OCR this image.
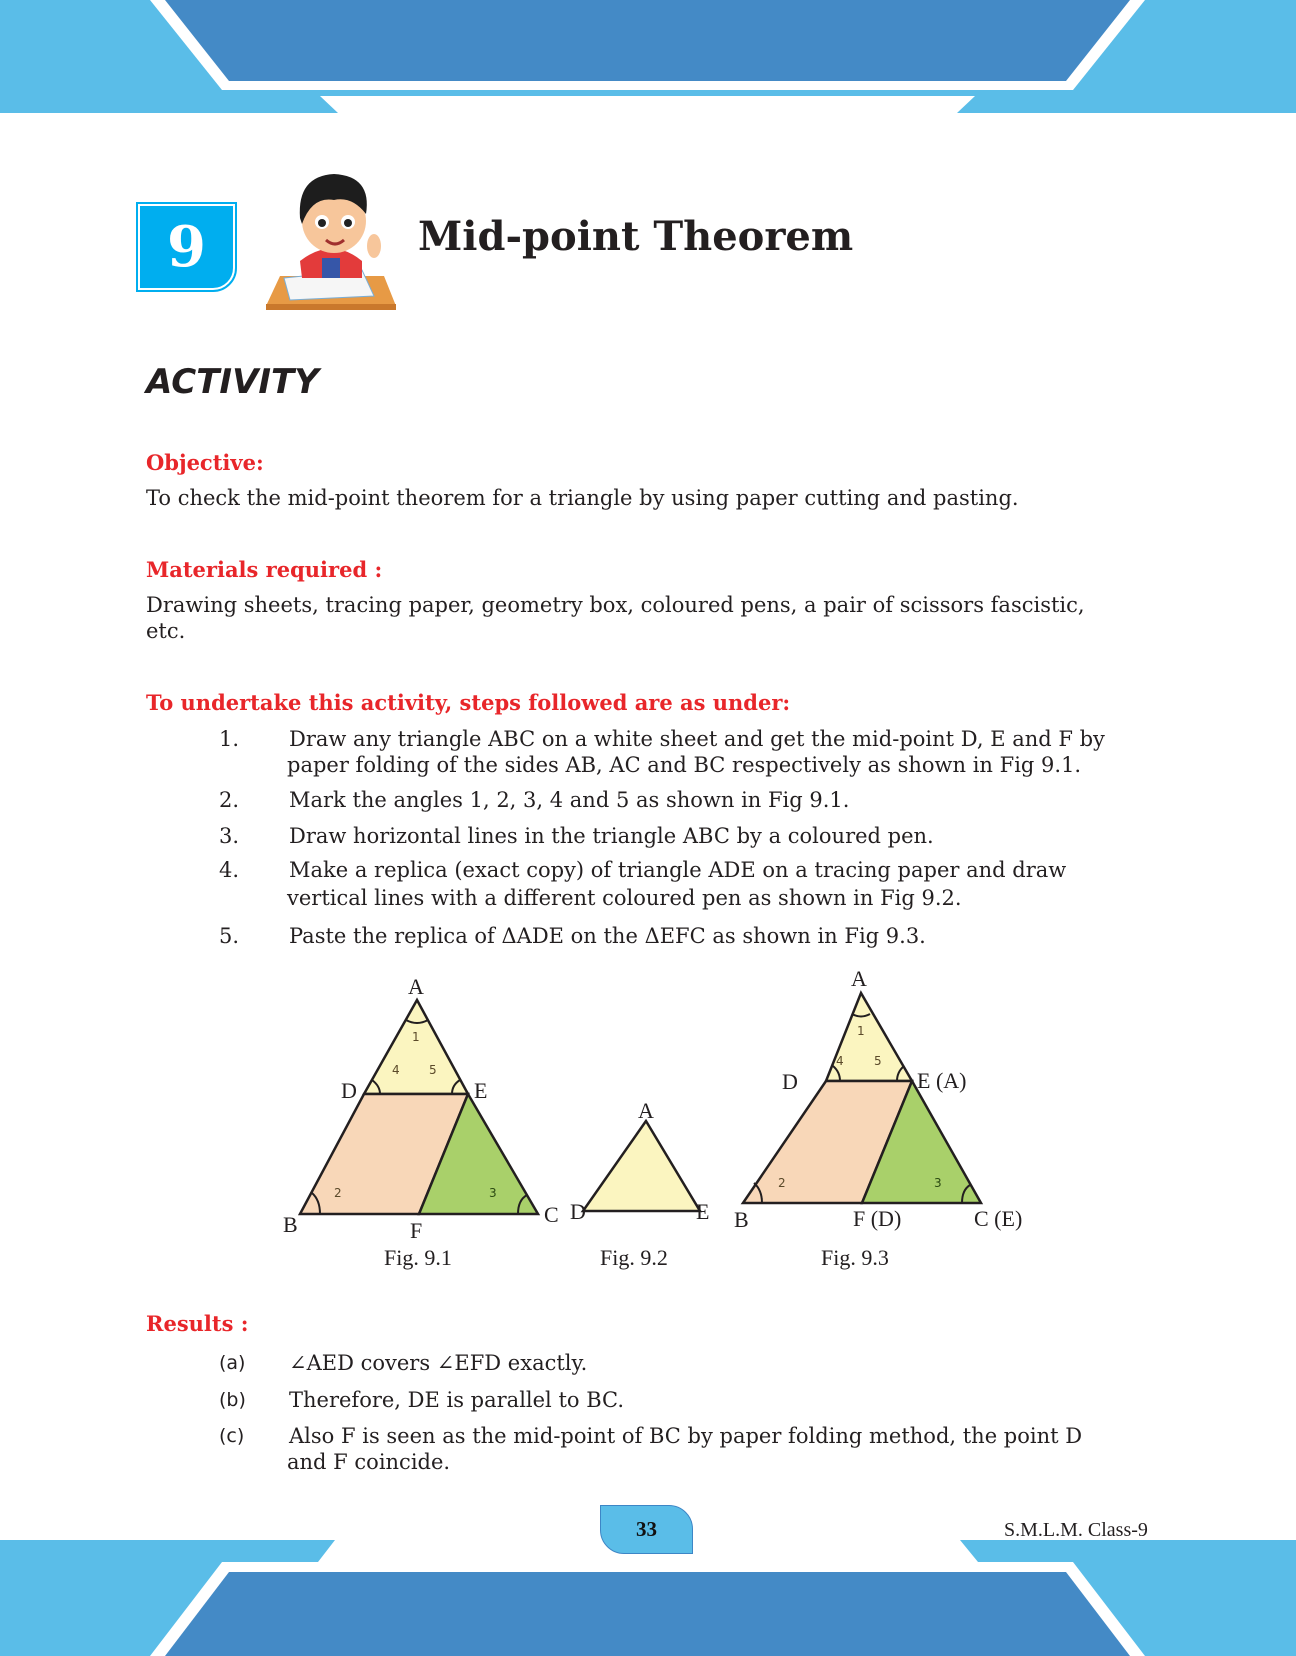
9	Mid-point Theorem
ACTIVITY
Objective:
To check the mid-point theorem for a triangle by using paper cutting and pasting.
Materials required :
Drawing sheets, tracing paper, geometry box, coloured pens, a pair of scissors fascistic,
etc.
To undertake this activity, steps followed are as under:
1.	Draw any triangle ABC on a white sheet and get the mid-point D, E and F by
paper folding of the sides AB, AC and BC respectively as shown in Fig 9.1.
2.	Mark the angles 1, 2, 3, 4 and 5 as shown in Fig 9.1.
3.	Draw horizontal lines in the triangle ABC by a coloured pen.
4.	Make a replica (exact copy) of triangle ADE on a tracing paper and draw
vertical lines with a different coloured pen as shown in Fig 9.2.
5.	Paste the replica of ΔADE on the ΔEFC as shown in Fig 9.3.
A
D	E
B	F
C
1
2	3
4 5
Fig. 9.1
A
D	E
Fig. 9.2
A
D	E (A)
B	F (D)	C (E)
1
2	3
4	5
Fig. 9.3
Results :
(a) ∠AED covers ∠EFD exactly.
(b) Therefore, DE is parallel to BC.
(c) Also F is seen as the mid-point of BC by paper folding method, the point D
and F coincide.
33	S.M.L.M. Class-9
